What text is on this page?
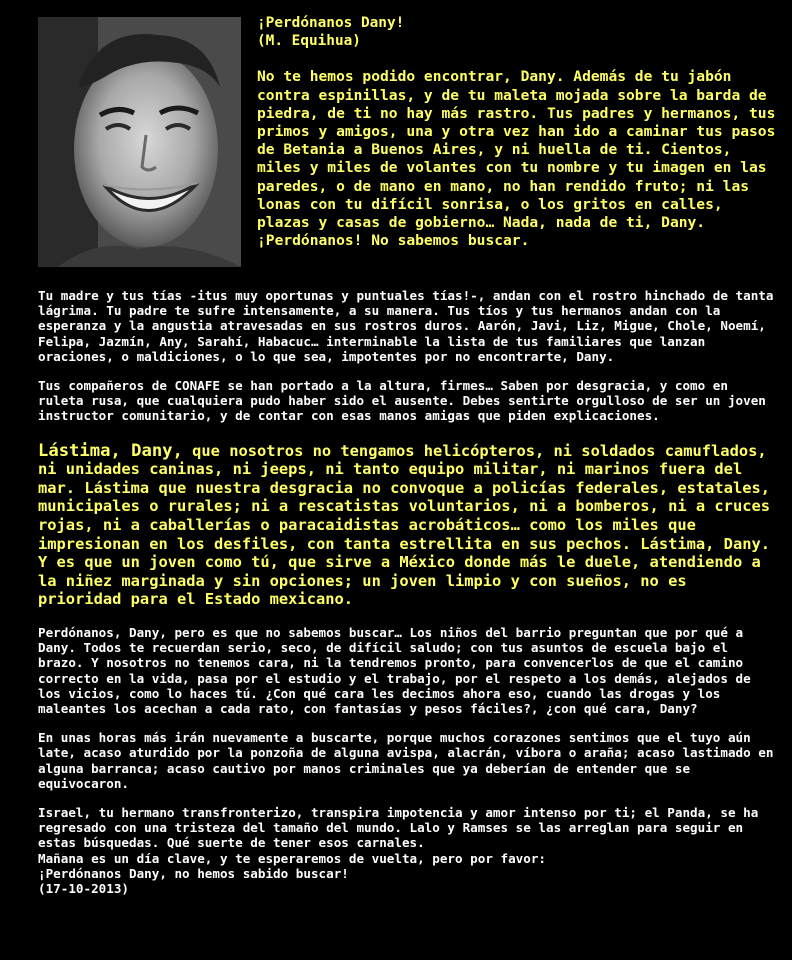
¡Perdónanos Dany!

(M. Equihua)

No te hemos podido encontrar, Dany. Además de tu jabón contra espinillas, y de tu maleta mojada sobre la barda de piedra, de ti no hay más rastro. Tus padres y hermanos, tus primos y amigos, una y otra vez han ido a caminar tus pasos de Betania a Buenos Aires, y ni huella de ti. Cientos, miles y miles de volantes con tu nombre y tu imagen en las paredes, o de mano en mano, no han rendido fruto; ni las lonas con tu difícil sonrisa, o los gritos en calles, plazas y casas de gobierno… Nada, nada de ti, Dany. ¡Perdónanos! No sabemos buscar.

Tu madre y tus tías -itus muy oportunas y puntuales tías!-, andan con el rostro hinchado de tanta lágrima. Tu padre te sufre intensamente, a su manera. Tus tíos y tus hermanos andan con la esperanza y la angustia atravesadas en sus rostros duros. Aarón, Javi, Liz, Migue, Chole, Noemí, Felipa, Jazmín, Any, Sarahí, Habacuc… interminable la lista de tus familiares que lanzan oraciones, o maldiciones, o lo que sea, impotentes por no encontrarte, Dany.

Tus compañeros de CONAFE se han portado a la altura, firmes… Saben por desgracia, y como en ruleta rusa, que cualquiera pudo haber sido el ausente. Debes sentirte orgulloso de ser un joven instructor comunitario, y de contar con esas manos amigas que piden explicaciones.

Lástima, Dany, que nosotros no tengamos helicópteros, ni soldados camuflados, ni unidades caninas, ni jeeps, ni tanto equipo militar, ni marinos fuera del mar. Lástima que nuestra desgracia no convoque a policías federales, estatales, municipales o rurales; ni a rescatistas voluntarios, ni a bomberos, ni a cruces rojas, ni a caballerías o paracaidistas acrobáticos… como los miles que impresionan en los desfiles, con tanta estrellita en sus pechos. Lástima, Dany. Y es que un joven como tú, que sirve a México donde más le duele, atendiendo a la niñez marginada y sin opciones; un joven limpio y con sueños, no es prioridad para el Estado mexicano.

Perdónanos, Dany, pero es que no sabemos buscar… Los niños del barrio preguntan que por qué a Dany. Todos te recuerdan serio, seco, de difícil saludo; con tus asuntos de escuela bajo el brazo. Y nosotros no tenemos cara, ni la tendremos pronto, para convencerlos de que el camino correcto en la vida, pasa por el estudio y el trabajo, por el respeto a los demás, alejados de los vicios, como lo haces tú. ¿Con qué cara les decimos ahora eso, cuando las drogas y los maleantes los acechan a cada rato, con fantasías y pesos fáciles?, ¿con qué cara, Dany?

En unas horas más irán nuevamente a buscarte, porque muchos corazones sentimos que el tuyo aún late, acaso aturdido por la ponzoña de alguna avispa, alacrán, víbora o araña; acaso lastimado en alguna barranca; acaso cautivo por manos criminales que ya deberían de entender que se equivocaron.

Israel, tu hermano transfronterizo, transpira impotencia y amor intenso por ti; el Panda, se ha regresado con una tristeza del tamaño del mundo. Lalo y Ramses se las arreglan para seguir en estas búsquedas. Qué suerte de tener esos carnales.

Mañana es un día clave, y te esperaremos de vuelta, pero por favor:

¡Perdónanos Dany, no hemos sabido buscar!

(17-10-2013)
